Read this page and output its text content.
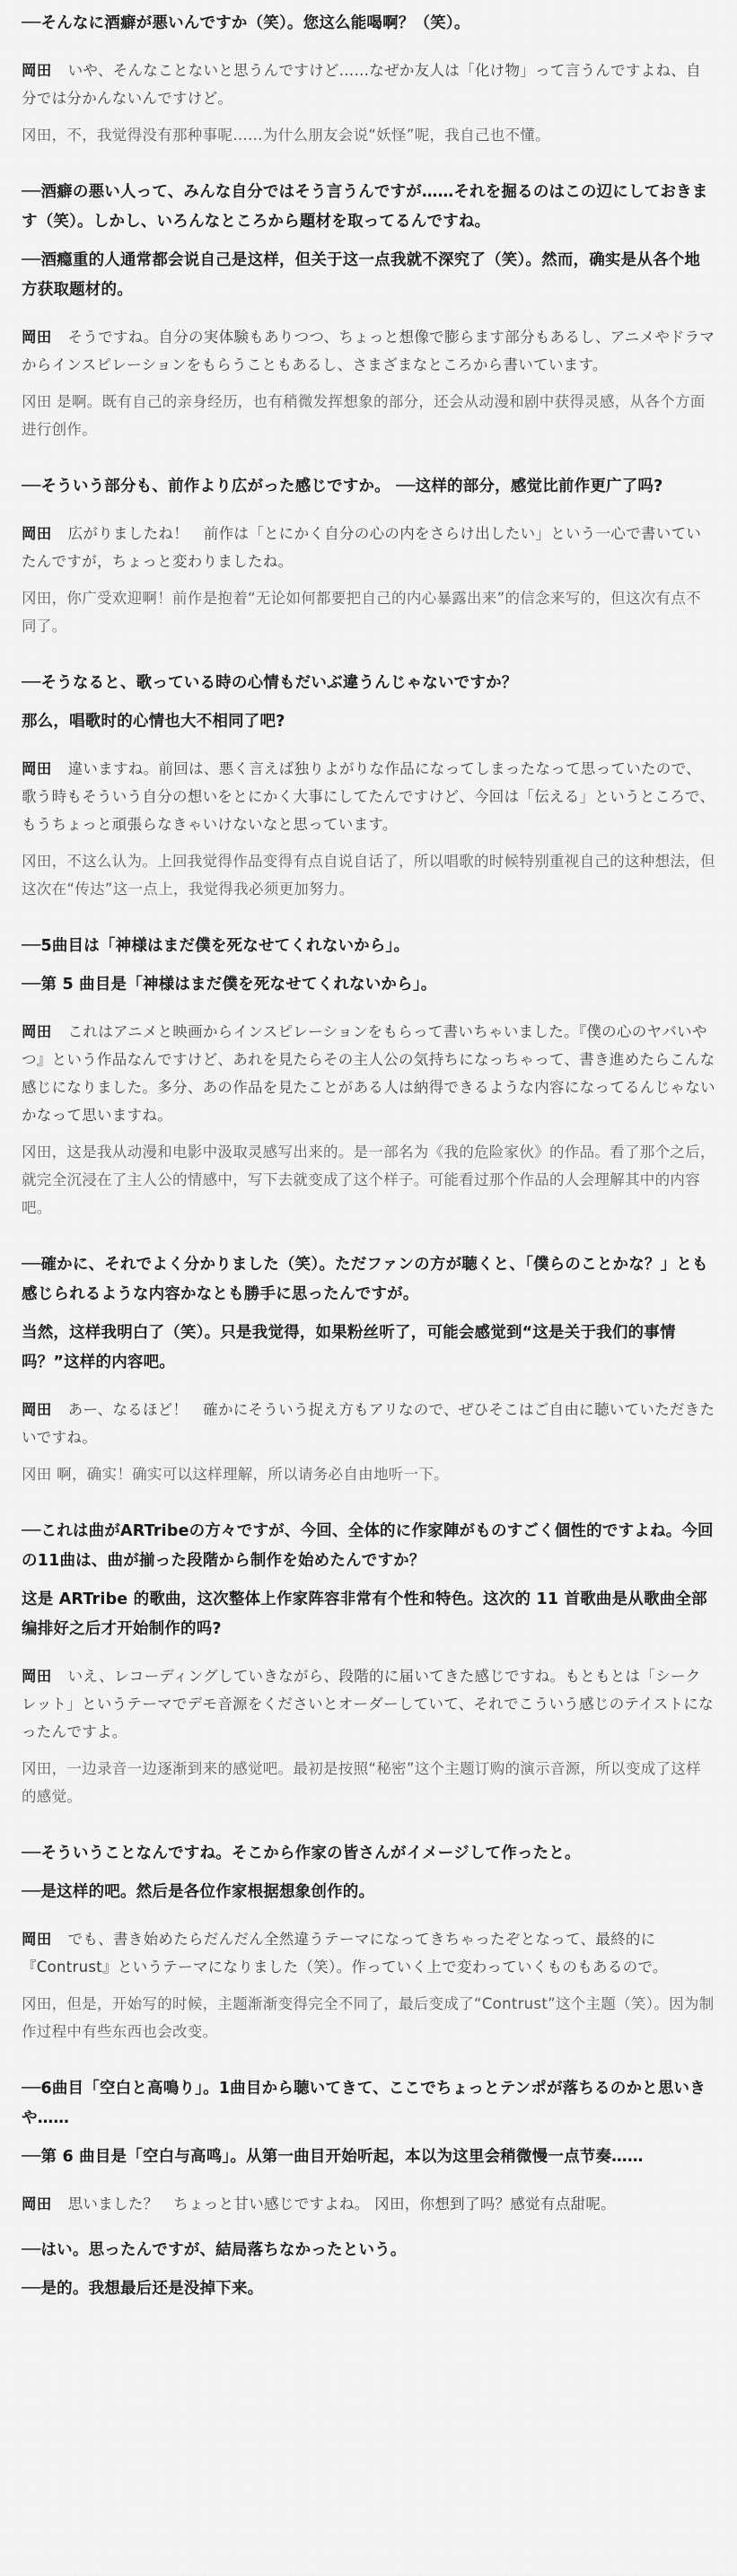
──そんなに酒癖が悪いんですか（笑）。您这么能喝啊？（笑）。

岡田 いや、そんなことないと思うんですけど……なぜか友人は「化け物」って言うんですよね、自分では分かんないんですけど。

冈田，不，我觉得没有那种事呢……为什么朋友会说“妖怪”呢，我自己也不懂。

──酒癖の悪い人って、みんな自分ではそう言うんですが……それを掘るのはこの辺にしておきます（笑）。しかし、いろんなところから題材を取ってるんですね。

──酒瘾重的人通常都会说自己是这样，但关于这一点我就不深究了（笑）。然而，确实是从各个地方获取题材的。

岡田 そうですね。自分の実体験もありつつ、ちょっと想像で膨らます部分もあるし、アニメやドラマからインスピレーションをもらうこともあるし、さまざまなところから書いています。

冈田 是啊。既有自己的亲身经历，也有稍微发挥想象的部分，还会从动漫和剧中获得灵感，从各个方面进行创作。

──そういう部分も、前作より広がった感じですか。 ──这样的部分，感觉比前作更广了吗?

岡田 広がりましたね！　前作は「とにかく自分の心の内をさらけ出したい」という一心で書いていたんですが，ちょっと変わりましたね。

冈田，你广受欢迎啊！前作是抱着“无论如何都要把自己的内心暴露出来”的信念来写的，但这次有点不同了。

──そうなると、歌っている時の心情もだいぶ違うんじゃないですか？

那么，唱歌时的心情也大不相同了吧?

岡田 違いますね。前回は、悪く言えば独りよがりな作品になってしまったなって思っていたので、歌う時もそういう自分の想いをとにかく大事にしてたんですけど、今回は「伝える」というところで、もうちょっと頑張らなきゃいけないなと思っています。

冈田，不这么认为。上回我觉得作品变得有点自说自话了，所以唱歌的时候特别重视自己的这种想法，但这次在“传达”这一点上，我觉得我必须更加努力。

──5曲目は「神様はまだ僕を死なせてくれないから」。

──第 5 曲目是「神様はまだ僕を死なせてくれないから」。

岡田 これはアニメと映画からインスピレーションをもらって書いちゃいました。『僕の心のヤバいやつ』という作品なんですけど、あれを見たらその主人公の気持ちになっちゃって、書き進めたらこんな感じになりました。多分、あの作品を見たことがある人は納得できるような内容になってるんじゃないかなって思いますね。

冈田，这是我从动漫和电影中汲取灵感写出来的。是一部名为《我的危险家伙》的作品。看了那个之后，就完全沉浸在了主人公的情感中，写下去就变成了这个样子。可能看过那个作品的人会理解其中的内容吧。

──確かに、それでよく分かりました（笑）。ただファンの方が聴くと、「僕らのことかな？」とも感じられるような内容かなとも勝手に思ったんですが。

当然，这样我明白了（笑）。只是我觉得，如果粉丝听了，可能会感觉到“这是关于我们的事情吗？”这样的内容吧。

岡田 あー、なるほど！　確かにそういう捉え方もアリなので、ぜひそこはご自由に聴いていただきたいですね。

冈田 啊，确实！确实可以这样理解，所以请务必自由地听一下。

──これは曲がARTribeの方々ですが、今回、全体的に作家陣がものすごく個性的ですよね。今回の11曲は、曲が揃った段階から制作を始めたんですか？

这是 ARTribe 的歌曲，这次整体上作家阵容非常有个性和特色。这次的 11 首歌曲是从歌曲全部编排好之后才开始制作的吗?

岡田 いえ、レコーディングしていきながら、段階的に届いてきた感じですね。もともとは「シークレット」というテーマでデモ音源をくださいとオーダーしていて、それでこういう感じのテイストになったんですよ。

冈田，一边录音一边逐渐到来的感觉吧。最初是按照“秘密”这个主题订购的演示音源，所以变成了这样的感觉。

──そういうことなんですね。そこから作家の皆さんがイメージして作ったと。

──是这样的吧。然后是各位作家根据想象创作的。

岡田 でも、書き始めたらだんだん全然違うテーマになってきちゃったぞとなって、最終的に『Contrust』というテーマになりました（笑）。作っていく上で変わっていくものもあるので。

冈田，但是，开始写的时候，主题渐渐变得完全不同了，最后变成了“Contrust”这个主题（笑）。因为制作过程中有些东西也会改变。

──6曲目「空白と高鳴り」。1曲目から聴いてきて、ここでちょっとテンポが落ちるのかと思いきや……

──第 6 曲目是「空白与高鸣」。从第一曲目开始听起，本以为这里会稍微慢一点节奏……

岡田 思いました？　ちょっと甘い感じですよね。 冈田，你想到了吗？感觉有点甜呢。

──はい。思ったんですが、結局落ちなかったという。

──是的。我想最后还是没掉下来。
